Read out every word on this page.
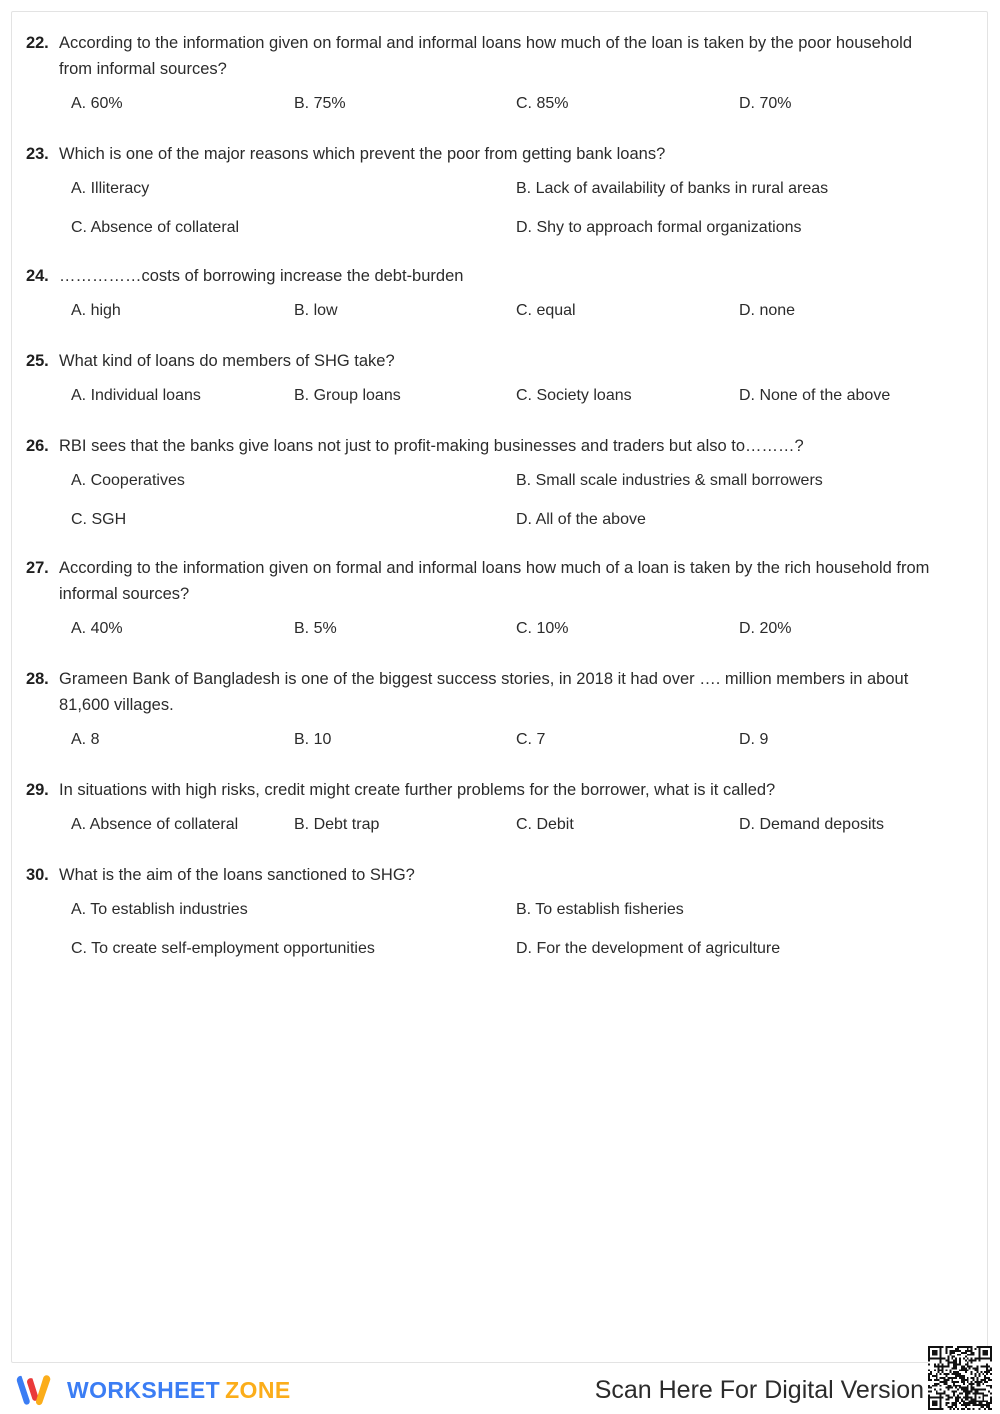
22. According to the information given on formal and informal loans how much of the loan is taken by the poor household from informal sources?
A. 60%	B. 75%	C. 85%	D. 70%
23. Which is one of the major reasons which prevent the poor from getting bank loans?
A. Illiteracy	B. Lack of availability of banks in rural areas
C. Absence of collateral	D. Shy to approach formal organizations
24. ……………costs of borrowing increase the debt-burden
A. high	B. low	C. equal	D. none
25. What kind of loans do members of SHG take?
A. Individual loans	B. Group loans	C. Society loans	D. None of the above
26. RBI sees that the banks give loans not just to profit-making businesses and traders but also to………?
A. Cooperatives	B. Small scale industries & small borrowers
C. SGH	D. All of the above
27. According to the information given on formal and informal loans how much of a loan is taken by the rich household from informal sources?
A. 40%	B. 5%	C. 10%	D. 20%
28. Grameen Bank of Bangladesh is one of the biggest success stories, in 2018 it had over …. million members in about 81,600 villages.
A. 8	B. 10	C. 7	D. 9
29. In situations with high risks, credit might create further problems for the borrower, what is it called?
A. Absence of collateral	B. Debt trap	C. Debit	D. Demand deposits
30. What is the aim of the loans sanctioned to SHG?
A. To establish industries	B. To establish fisheries
C. To create self-employment opportunities	D. For the development of agriculture
WORKSHEET ZONE	Scan Here For Digital Version
